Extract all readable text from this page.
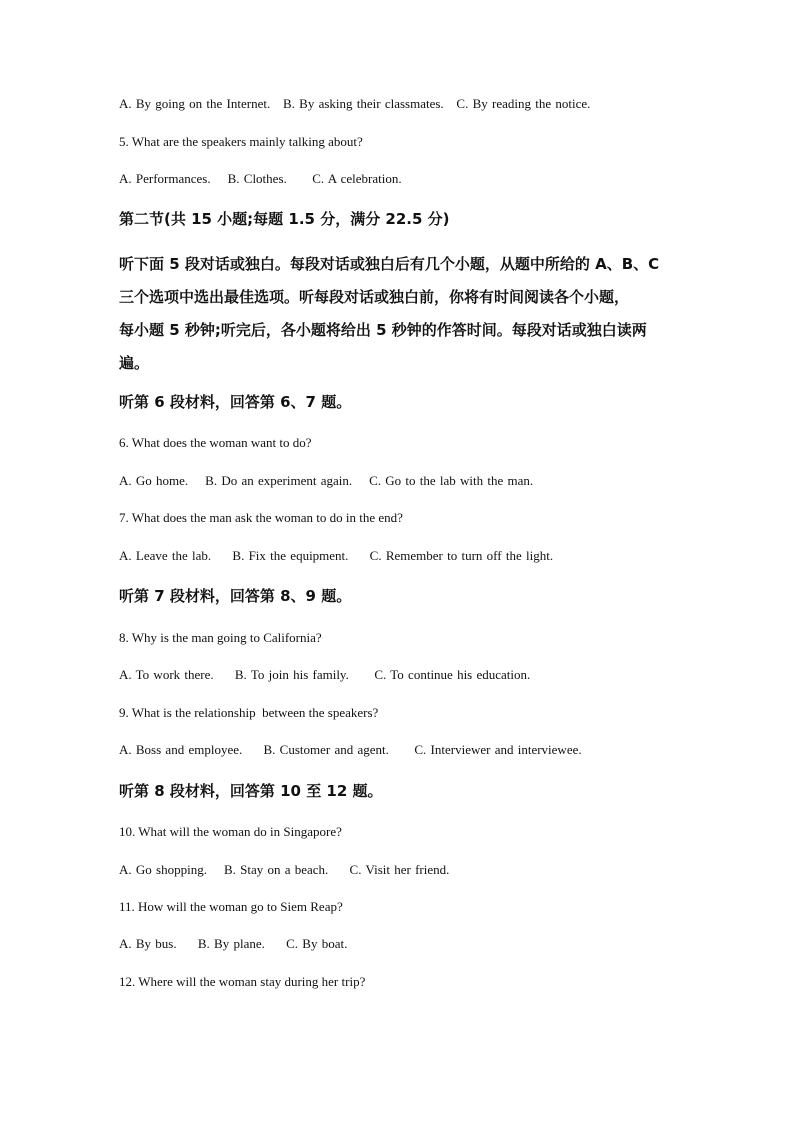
A. By going on the Internet.   B. By asking their classmates.   C. By reading the notice.
5. What are the speakers mainly talking about?
A. Performances.    B. Clothes.      C. A celebration.
第二节(共 15 小题;每题 1.5 分，满分 22.5 分)
听下面 5 段对话或独白。每段对话或独白后有几个小题，从题中所给的 A、B、C
三个选项中选出最佳选项。听每段对话或独白前，你将有时间阅读各个小题，
每小题 5 秒钟;听完后，各小题将给出 5 秒钟的作答时间。每段对话或独白读两
遍。
听第 6 段材料，回答第 6、7 题。
6. What does the woman want to do?
A. Go home.    B. Do an experiment again.    C. Go to the lab with the man.
7. What does the man ask the woman to do in the end?
A. Leave the lab.     B. Fix the equipment.     C. Remember to turn off the light.
听第 7 段材料，回答第 8、9 题。
8. Why is the man going to California?
A. To work there.     B. To join his family.      C. To continue his education.
9. What is the relationship  between the speakers?
A. Boss and employee.     B. Customer and agent.      C. Interviewer and interviewee.
听第 8 段材料，回答第 10 至 12 题。
10. What will the woman do in Singapore?
A. Go shopping.    B. Stay on a beach.     C. Visit her friend.
11. How will the woman go to Siem Reap?
A. By bus.     B. By plane.     C. By boat.
12. Where will the woman stay during her trip?
